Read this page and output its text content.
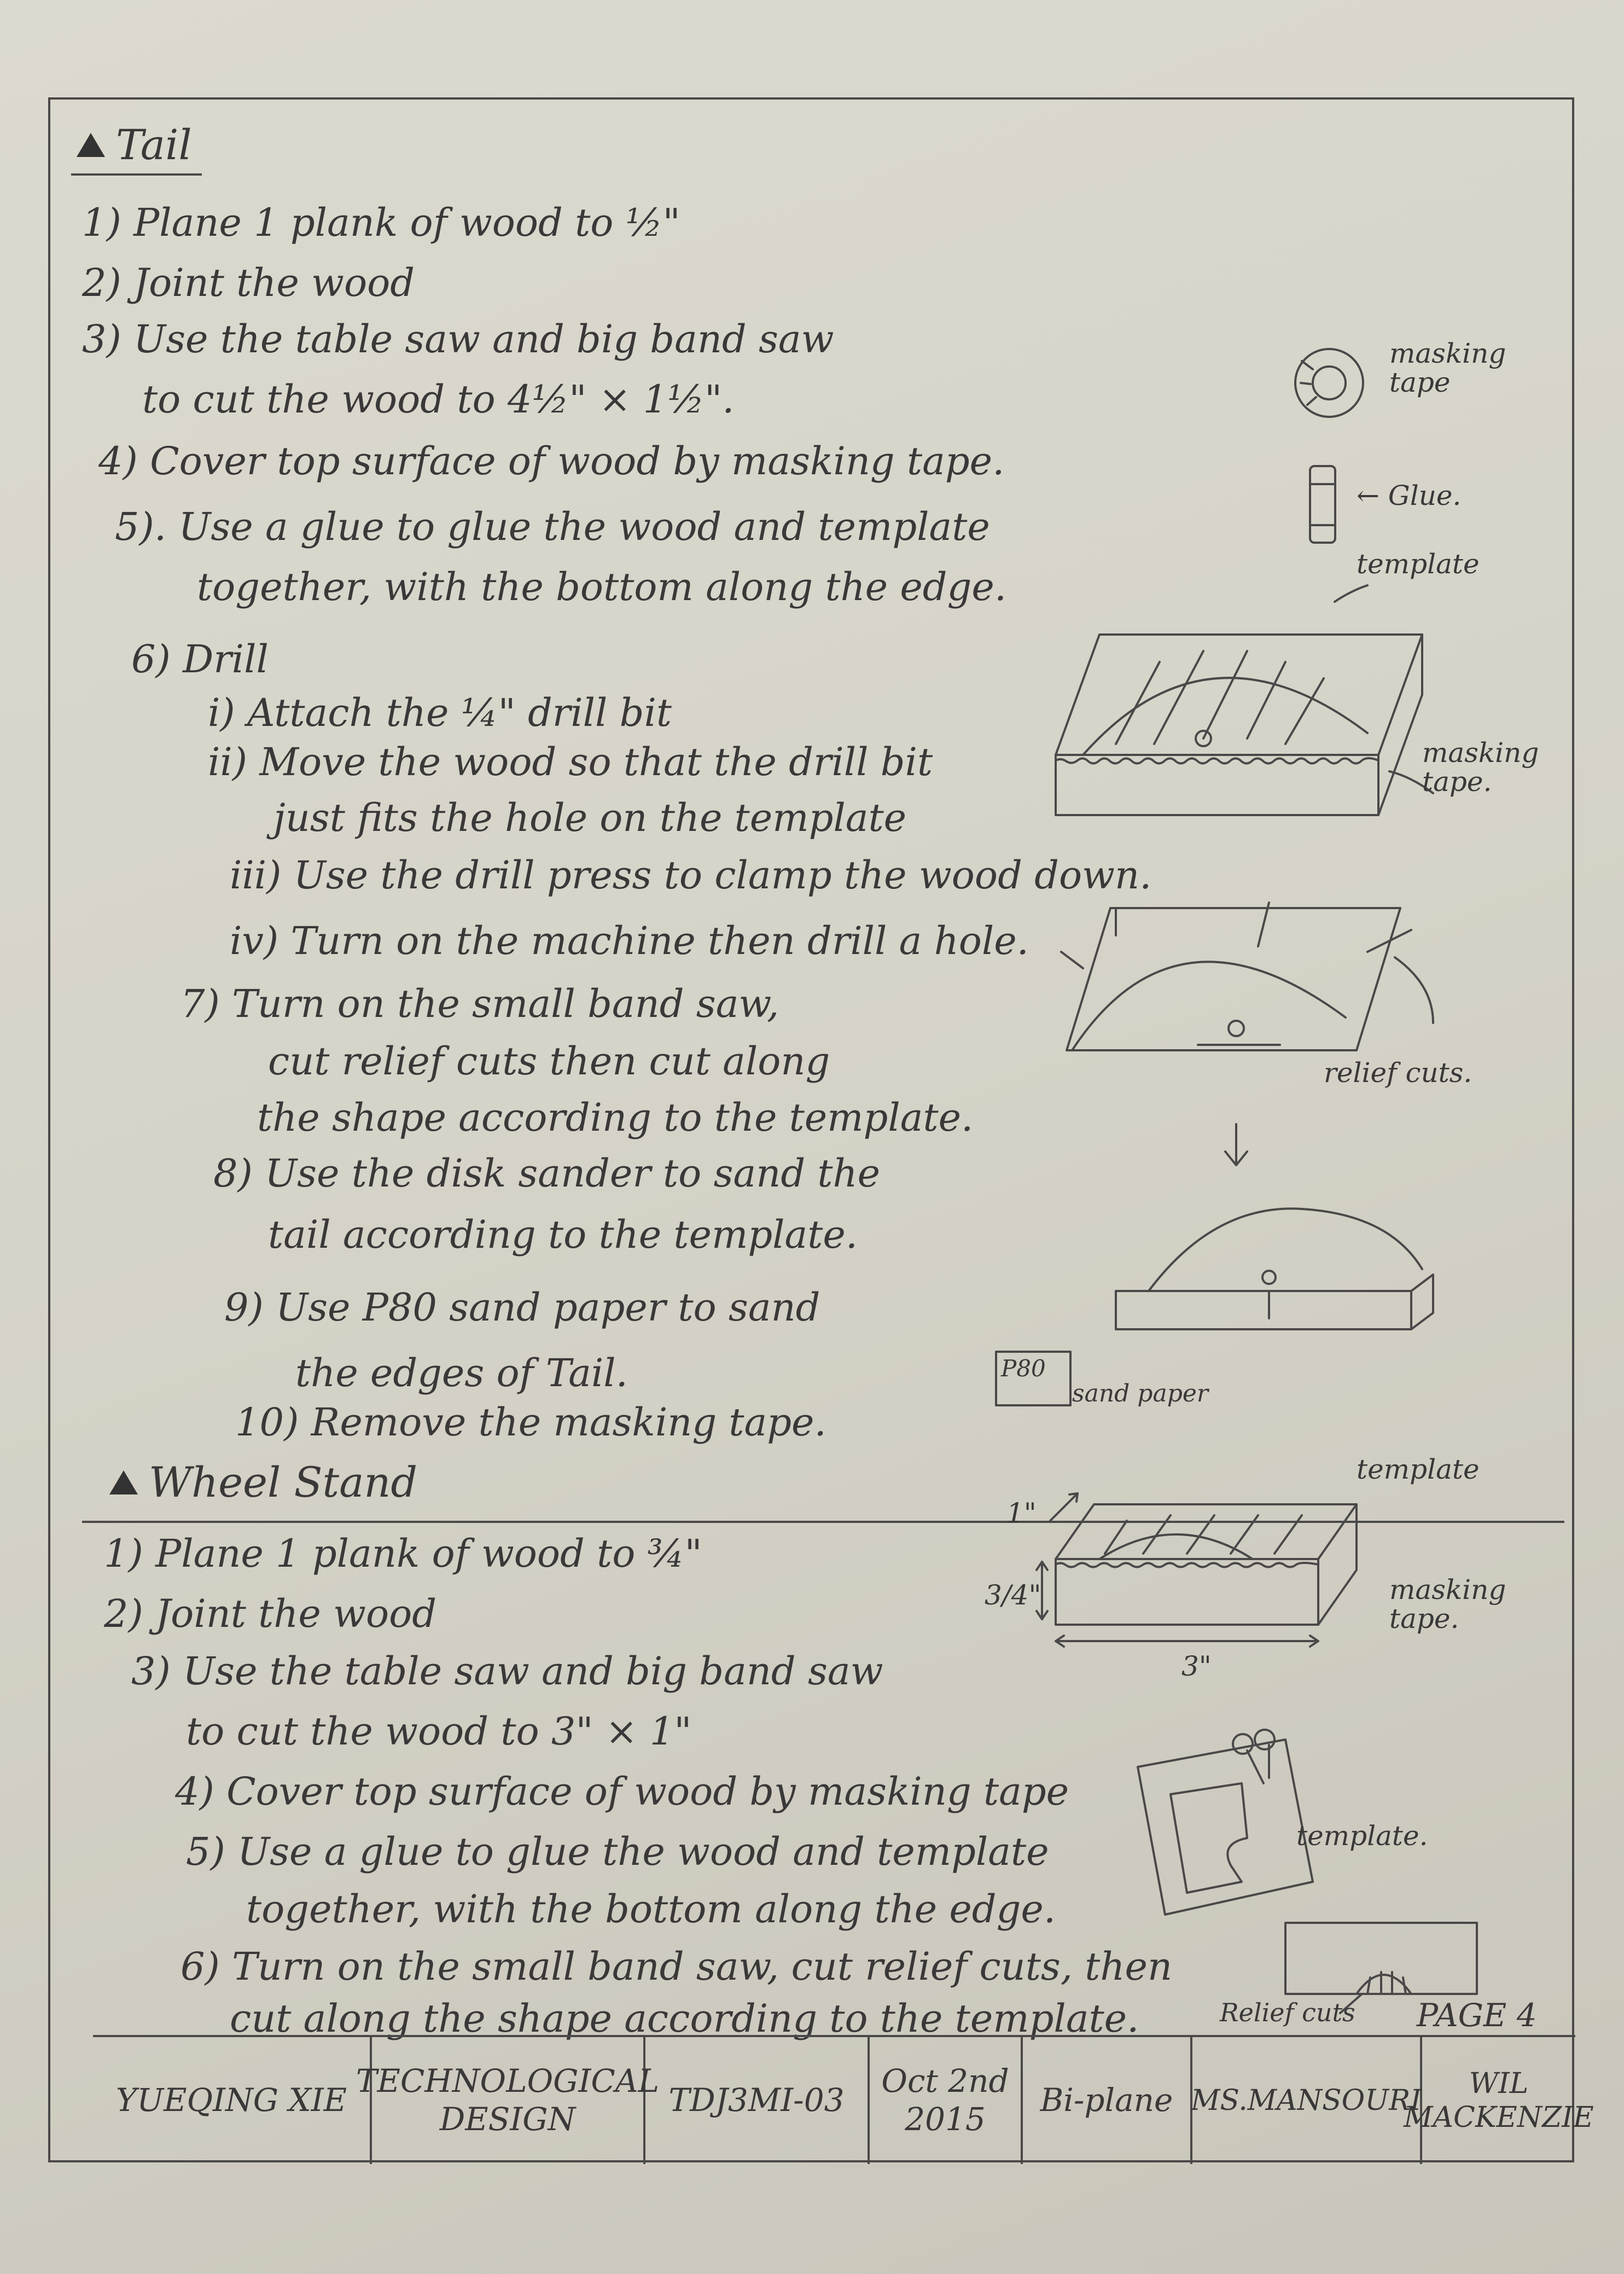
Tail
1) Plane 1 plank of wood to ½"
2) Joint the wood
3) Use the table saw and big band saw
to cut the wood to 4½" × 1½".
4) Cover top surface of wood by masking tape.
5). Use a glue to glue the wood and template
together, with the bottom along the edge.
6) Drill
i) Attach the ¼" drill bit
ii) Move the wood so that the drill bit
just fits the hole on the template
iii) Use the drill press to clamp the wood down.
iv) Turn on the machine then drill a hole.
7) Turn on the small band saw,
cut relief cuts then cut along
the shape according to the template.
8) Use the disk sander to sand the
tail according to the template.
9) Use P80 sand paper to sand
the edges of Tail.
10) Remove the masking tape.
masking tape
← Glue.
template
masking tape.
relief cuts.
P80
sand paper
Wheel Stand
1) Plane 1 plank of wood to ¾"
2) Joint the wood
3) Use the table saw and big band saw
to cut the wood to 3" × 1"
4) Cover top surface of wood by masking tape
5) Use a glue to glue the wood and template
together, with the bottom along the edge.
6) Turn on the small band saw, cut relief cuts, then
cut along the shape according to the template.
1"
3/4"
3"
template
masking tape.
template.
Relief cuts PAGE 4
YUEQING XIE
TECHNOLOGICAL
DESIGN
TDJ3MI-03
Oct 2nd
2015
Bi-plane MS.MANSOURI
WIL
MACKENZIE
